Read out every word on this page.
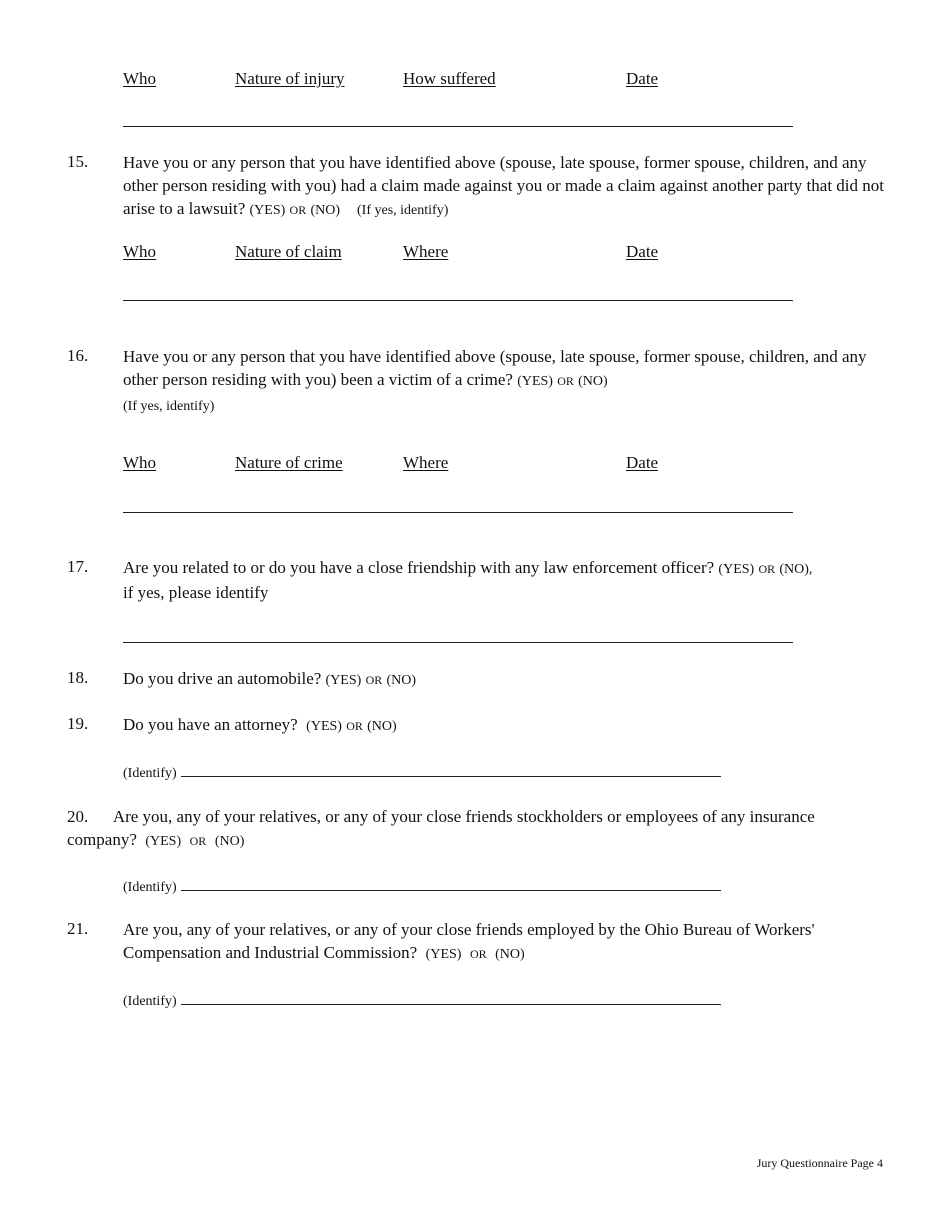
Who	Nature of injury	How suffered	Date
15. Have you or any person that you have identified above (spouse, late spouse, former spouse, children, and any other person residing with you) had a claim made against you or made a claim against another party that did not arise to a lawsuit? (YES) OR (NO) (If yes, identify)
Who	Nature of claim	Where	Date
16. Have you or any person that you have identified above (spouse, late spouse, former spouse, children, and any other person residing with you) been a victim of a crime? (YES) OR (NO)
(If yes, identify)
Who	Nature of crime	Where	Date
17. Are you related to or do you have a close friendship with any law enforcement officer? (YES) OR (NO),
if yes, please identify
18. Do you drive an automobile? (YES) OR (NO)
19. Do you have an attorney? (YES) OR (NO)
(Identify)
20. Are you, any of your relatives, or any of your close friends stockholders or employees of any insurance
company? (YES) OR (NO)
(Identify)
21. Are you, any of your relatives, or any of your close friends employed by the Ohio Bureau of Workers'
Compensation and Industrial Commission? (YES) OR (NO)
(Identify)
Jury Questionnaire Page 4
